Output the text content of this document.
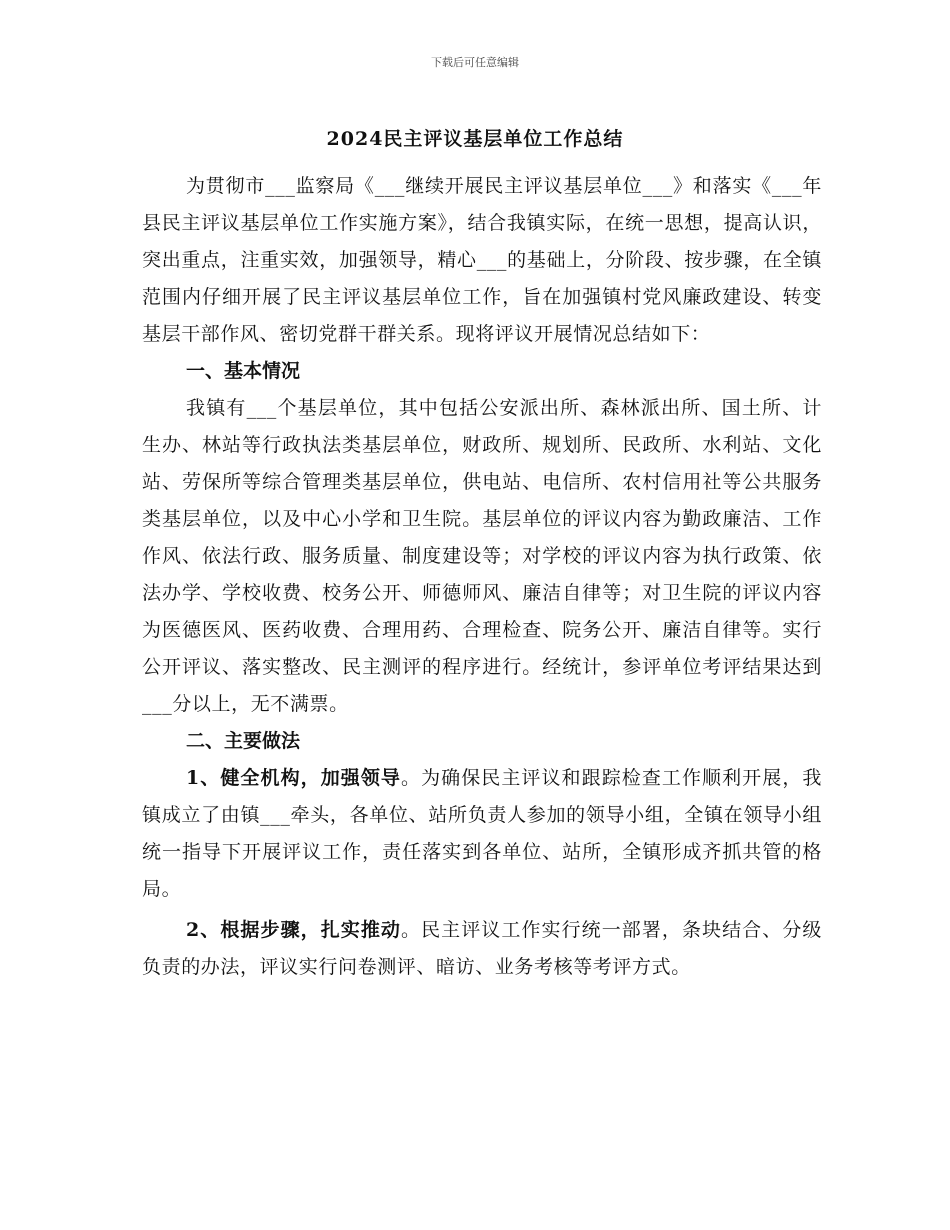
下载后可任意编辑
2024民主评议基层单位工作总结

为贯彻市___监察局《___继续开展民主评议基层单位___》和落实《___年县民主评议基层单位工作实施方案》，结合我镇实际，在统一思想，提高认识，突出重点，注重实效，加强领导，精心___的基础上，分阶段、按步骤，在全镇范围内仔细开展了民主评议基层单位工作，旨在加强镇村党风廉政建设、转变基层干部作风、密切党群干群关系。现将评议开展情况总结如下：

一、基本情况

我镇有___个基层单位，其中包括公安派出所、森林派出所、国土所、计生办、林站等行政执法类基层单位，财政所、规划所、民政所、水利站、文化站、劳保所等综合管理类基层单位，供电站、电信所、农村信用社等公共服务类基层单位，以及中心小学和卫生院。基层单位的评议内容为勤政廉洁、工作作风、依法行政、服务质量、制度建设等；对学校的评议内容为执行政策、依法办学、学校收费、校务公开、师德师风、廉洁自律等；对卫生院的评议内容为医德医风、医药收费、合理用药、合理检查、院务公开、廉洁自律等。实行公开评议、落实整改、民主测评的程序进行。经统计，参评单位考评结果达到___分以上，无不满票。

二、主要做法

1、健全机构，加强领导。为确保民主评议和跟踪检查工作顺利开展，我镇成立了由镇___牵头，各单位、站所负责人参加的领导小组，全镇在领导小组统一指导下开展评议工作，责任落实到各单位、站所，全镇形成齐抓共管的格局。

2、根据步骤，扎实推动。民主评议工作实行统一部署，条块结合、分级负责的办法，评议实行问卷测评、暗访、业务考核等考评方式。
